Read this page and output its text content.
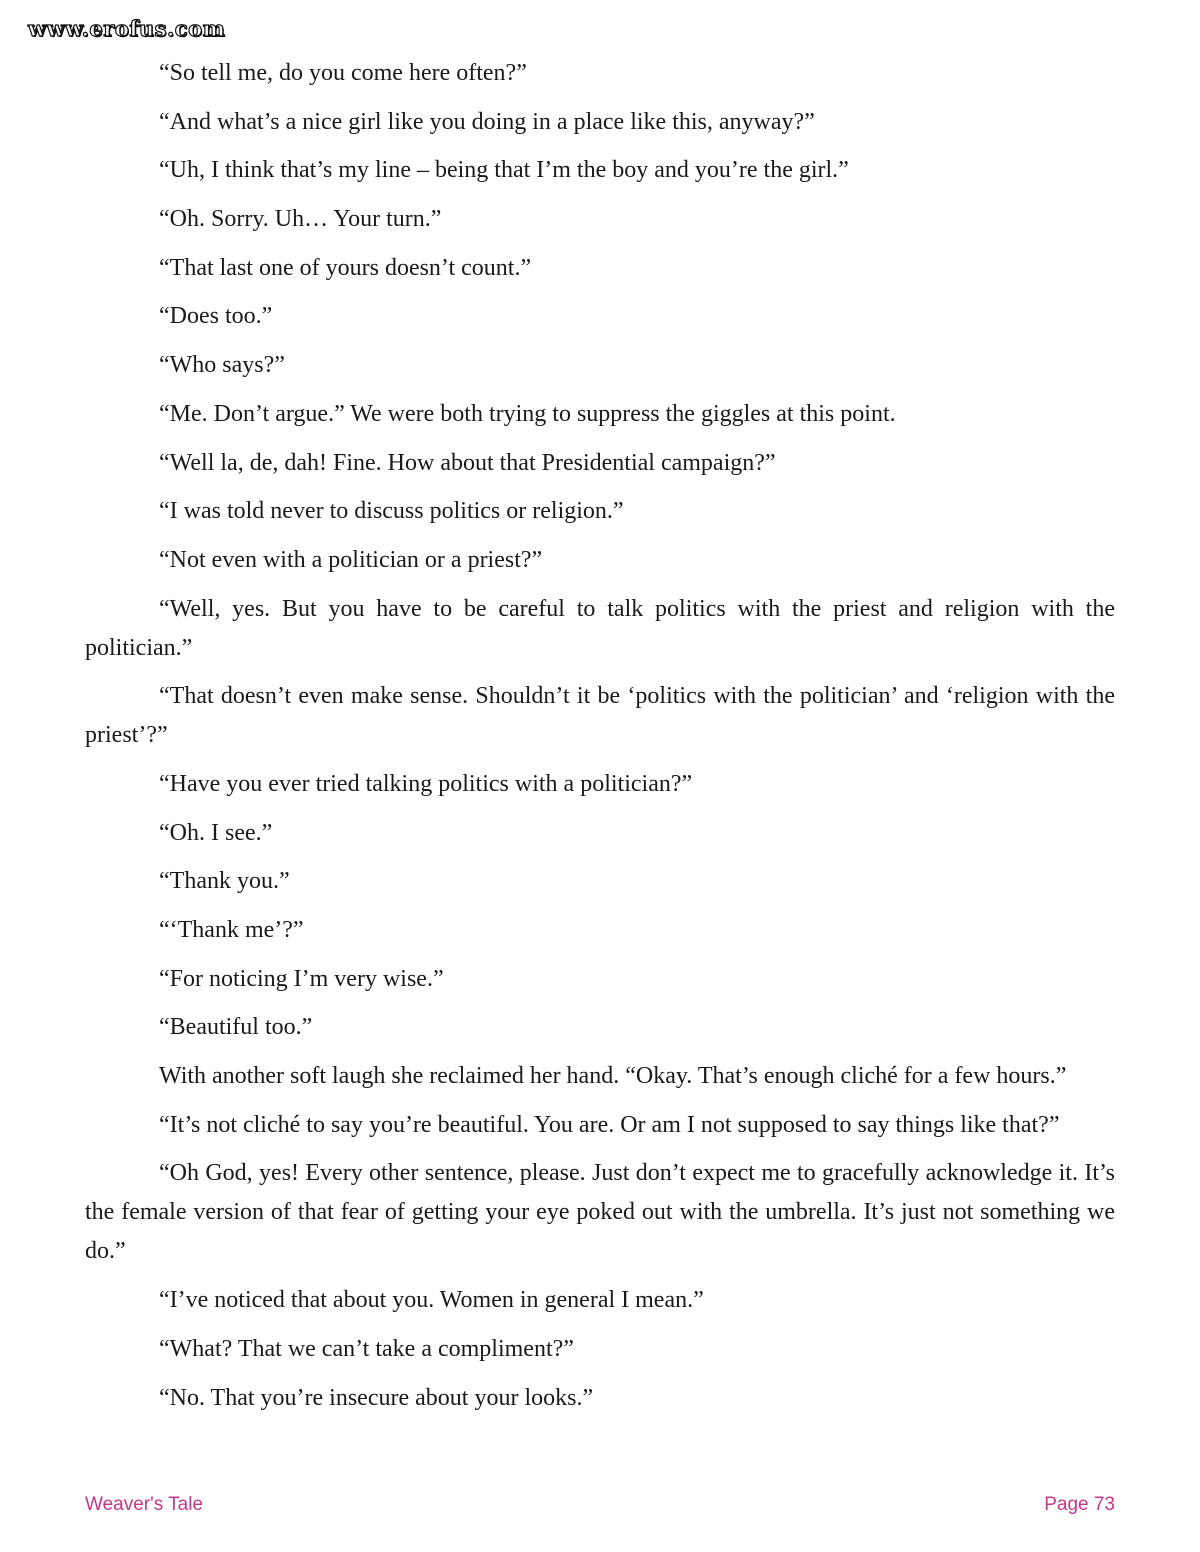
www.erofus.com

“So tell me, do you come here often?”

“And what’s a nice girl like you doing in a place like this, anyway?”

“Uh, I think that’s my line – being that I’m the boy and you’re the girl.”

“Oh. Sorry. Uh… Your turn.”

“That last one of yours doesn’t count.”

“Does too.”

“Who says?”

“Me. Don’t argue.” We were both trying to suppress the giggles at this point.

“Well la, de, dah! Fine. How about that Presidential campaign?”

“I was told never to discuss politics or religion.”

“Not even with a politician or a priest?”

“Well, yes. But you have to be careful to talk politics with the priest and religion with the politician.”

“That doesn’t even make sense. Shouldn’t it be ‘politics with the politician’ and ‘religion with the priest’?”

“Have you ever tried talking politics with a politician?”

“Oh. I see.”

“Thank you.”

“‘Thank me’?”

“For noticing I’m very wise.”

“Beautiful too.”

With another soft laugh she reclaimed her hand. “Okay. That’s enough cliché for a few hours.”

“It’s not cliché to say you’re beautiful. You are. Or am I not supposed to say things like that?”

“Oh God, yes! Every other sentence, please. Just don’t expect me to gracefully acknowledge it. It’s the female version of that fear of getting your eye poked out with the umbrella. It’s just not something we do.”

“I’ve noticed that about you. Women in general I mean.”

“What? That we can’t take a compliment?”

“No. That you’re insecure about your looks.”

Weaver's Tale	Page 73
